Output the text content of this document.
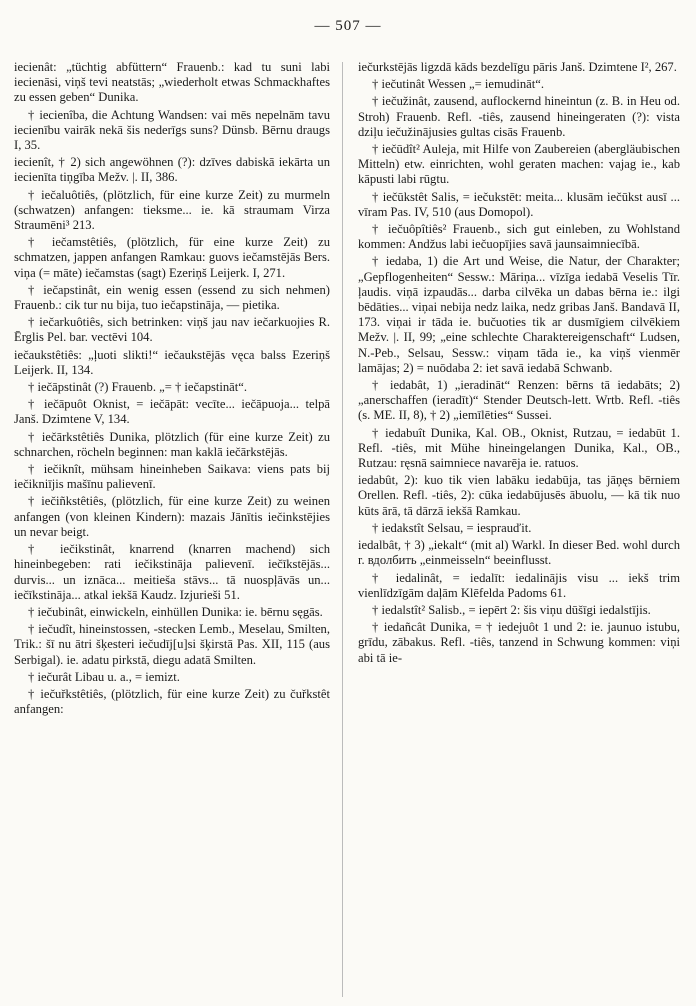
— 507 —

iecienât: „tüchtig abfüttern“ Frauenb.: kad tu suni labi iecienāsi, viņš tevi neatstās; „wiederholt etwas Schmackhaftes zu essen geben“ Dunika.

† iecienîba, die Achtung Wandsen: vai mēs nepelnām tavu iecienību vairāk nekā šis nederīgs suns? Dünsb. Bērnu draugs I, 35.

iecienît, † 2) sich angewöhnen (?): dzīves dabiskā iekārta un iecienīta tiņgība Mežv. |. II, 386.

† iečaluôtiês, (plötzlich, für eine kurze Zeit) zu murmeln (schwatzen) anfangen: tieksme... ie. kā straumam Virza Straumēni³ 213.

† iečamstêtiês, (plötzlich, für eine kurze Zeit) zu schmatzen, jappen anfangen Ramkau: guovs iečamstējās Bers. viņa (= māte) iečamstas (sagt) Ezeriņš Leijerk. I, 271.

† iečapstinât, ein wenig essen (essend zu sich nehmen) Frauenb.: cik tur nu bija, tuo iečapstināja, — pietika.

† iečarkuôtiês, sich betrinken: viņš jau nav iečarkuojies R. Ērglis Pel. bar. vectēvi 104.

iečaukstêtiês: „ļuoti slikti!“ iečaukstējās vęca balss Ezeriņš Leijerk. II, 134.

† iečāpstinât (?) Frauenb. „= † iečapstināt“.

† iečāpuôt Oknist, = iečāpāt: vecīte... iečāpuoja... telpā Janš. Dzimtene V, 134.

† iečārkstêtiês Dunika, plötzlich (für eine kurze Zeit) zu schnarchen, röcheln beginnen: man kaklā iečārkstējās.

† iečiknît, mühsam hineinheben Saikava: viens pats bij iečikniījis mašīnu palievenī.

† iečiñkstêtiês, (plötzlich, für eine kurze Zeit) zu weinen anfangen (von kleinen Kindern): mazais Jānītis iečinkstējies un nevar beigt.

† iečikstinât, knarrend (knarren machend) sich hineinbegeben: rati iečikstināja palievenī. iečīkstējās... durvis... un iznāca... meitieša stāvs... tā nuospļāvās un... iečīkstināja... atkal iekšā Kaudz. Izjurieši 51.

† iečubinât, einwickeln, einhüllen Dunika: ie. bērnu sęgās.

† iečudît, hineinstossen, -stecken Lemb., Meselau, Smilten, Trik.: šī nu ātri šķesteri iečudīj[u]si šķirstā Pas. XII, 115 (aus Serbigal). ie. adatu pirkstā, diegu adatā Smilten.

† iečurât Libau u. a., = iemizt.

† iečuřkstêtiês, (plötzlich, für eine kurze Zeit) zu čuřkstêt anfangen:

iečurkstējās ligzdā kāds bezdelīgu pāris Janš. Dzimtene I², 267.

† iečutinât Wessen „= iemudināt“.

† iečužinât, zausend, auflockernd hineintun (z. B. in Heu od. Stroh) Frauenb. Refl. -tiês, zausend hineingeraten (?): vista dziļu iečužinājusies gultas cisās Frauenb.

† iečūdît² Auleja, mit Hilfe von Zaubereien (abergläubischen Mitteln) etw. einrichten, wohl geraten machen: vajag ie., kab kāpusti labi rūgtu.

† iečūkstêt Salis, = iečukstēt: meita... klusām iečūkst ausī ... vīram Pas. IV, 510 (aus Domopol).

† iečuôpîtiês² Frauenb., sich gut einleben, zu Wohlstand kommen: Andžus labi iečuopījies savā jaunsaimniecībā.

† iedaba, 1) die Art und Weise, die Natur, der Charakter; „Gepflogenheiten“ Sessw.: Māriņa... vīzīga iedabā Veselis Tīr. ļaudis. viņā izpaudās... darba cilvēka un dabas bērna ie.: ilgi bēdāties... viņai nebija nedz laika, nedz gribas Janš. Bandavā II, 173. viņai ir tāda ie. bučuoties tik ar dusmīgiem cilvēkiem Mežv. |. II, 99; „eine schlechte Charaktereigenschaft“ Ludsen, N.-Peb., Selsau, Sessw.: viņam tāda ie., ka viņš vienmēr lamājas; 2) = nuōdaba 2: iet savā iedabā Schwanb.

† iedabât, 1) „ieradināt“ Renzen: bērns tā iedabāts; 2) „anerschaffen (ieradīt)“ Stender Deutsch-lett. Wrtb. Refl. -tiês (s. ME. II, 8), † 2) „iemīlēties“ Sussei.

† iedabuît Dunika, Kal. OB., Oknist, Rutzau, = iedabūt 1. Refl. -tiês, mit Mühe hineingelangen Dunika, Kal., OB., Rutzau: ręsnā saimniece navarēja ie. ratuos.

iedabût, 2): kuo tik vien labāku iedabūja, tas jāņęs bērniem Orellen. Refl. -tiês, 2): cūka iedabūjusēs ābuolu, — kā tik nuo kūts ārā, tā dārzā iekšā Ramkau.

† iedakstît Selsau, = iesprauďit.

iedalbât, † 3) „iekalt“ (mit al) Warkl. In dieser Bed. wohl durch r. вдолбить „einmeisseln“ beeinflusst.

† iedalinât, = iedalīt: iedalinājis visu ... iekš trim vienlīdzīgām daļām Klēfelda Padoms 61.

† iedalstît² Salisb., = iepērt 2: šis viņu dūšīgi iedalstījis.

† iedañcât Dunika, = † iedejuôt 1 und 2: ie. jaunuo istubu, grīdu, zābakus. Refl. -tiês, tanzend in Schwung kommen: viņi abi tā ie-
